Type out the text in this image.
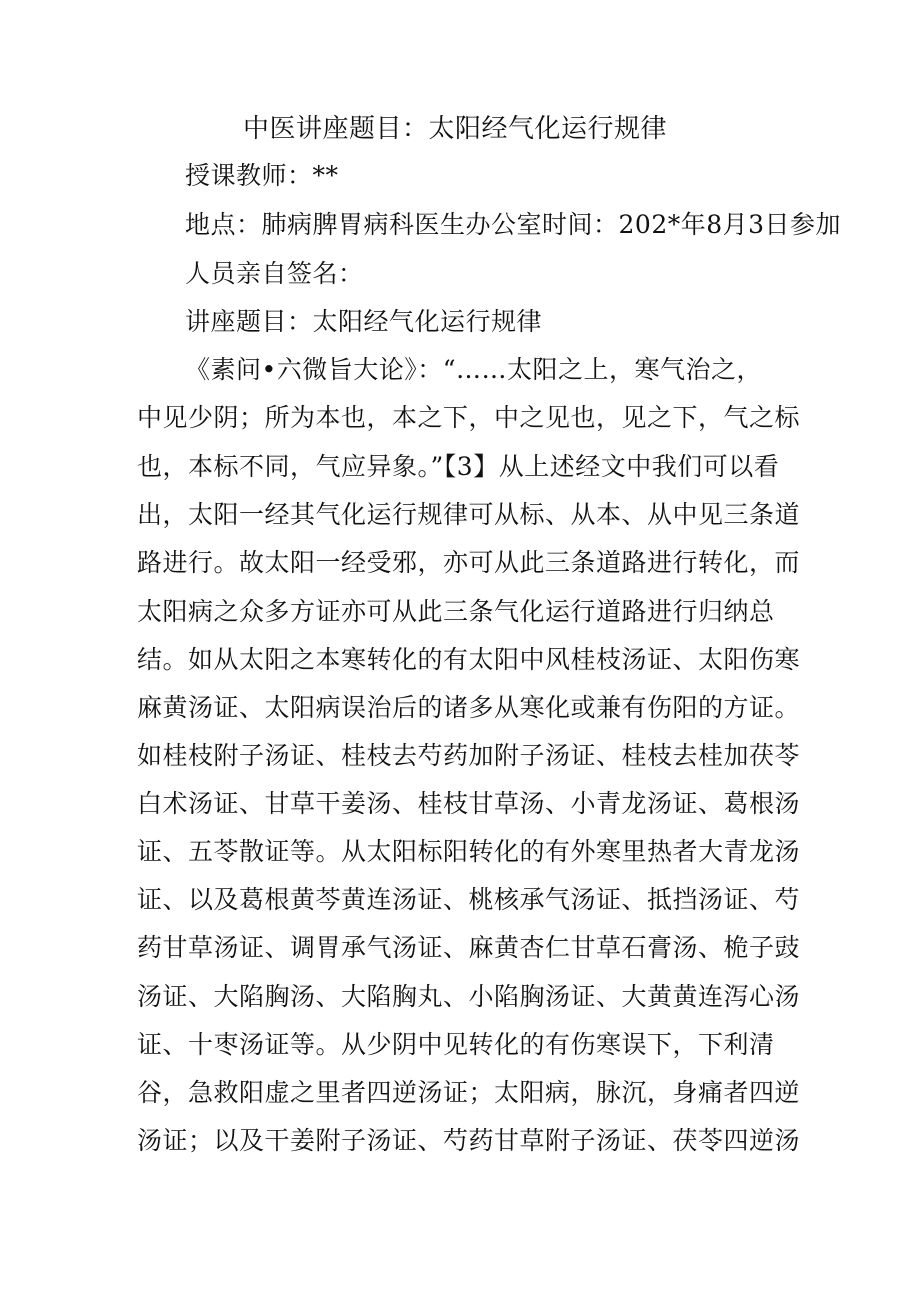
中医讲座题目：太阳经气化运行规律
授课教师：**
地点：肺病脾胃病科医生办公室时间：202*年8月3日参加
人员亲自签名：
讲座题目：太阳经气化运行规律
《素问•六微旨大论》：“……太阳之上，寒气治之，
中见少阴；所为本也，本之下，中之见也，见之下，气之标
也，本标不同，气应异象。”【3】从上述经文中我们可以看
出，太阳一经其气化运行规律可从标、从本、从中见三条道
路进行。故太阳一经受邪，亦可从此三条道路进行转化，而
太阳病之众多方证亦可从此三条气化运行道路进行归纳总
结。如从太阳之本寒转化的有太阳中风桂枝汤证、太阳伤寒
麻黄汤证、太阳病误治后的诸多从寒化或兼有伤阳的方证。
如桂枝附子汤证、桂枝去芍药加附子汤证、桂枝去桂加茯苓
白术汤证、甘草干姜汤、桂枝甘草汤、小青龙汤证、葛根汤
证、五苓散证等。从太阳标阳转化的有外寒里热者大青龙汤
证、以及葛根黄芩黄连汤证、桃核承气汤证、抵挡汤证、芍
药甘草汤证、调胃承气汤证、麻黄杏仁甘草石膏汤、桅子豉
汤证、大陷胸汤、大陷胸丸、小陷胸汤证、大黄黄连泻心汤
证、十枣汤证等。从少阴中见转化的有伤寒误下，下利清
谷，急救阳虚之里者四逆汤证；太阳病，脉沉，身痛者四逆
汤证；以及干姜附子汤证、芍药甘草附子汤证、茯苓四逆汤
